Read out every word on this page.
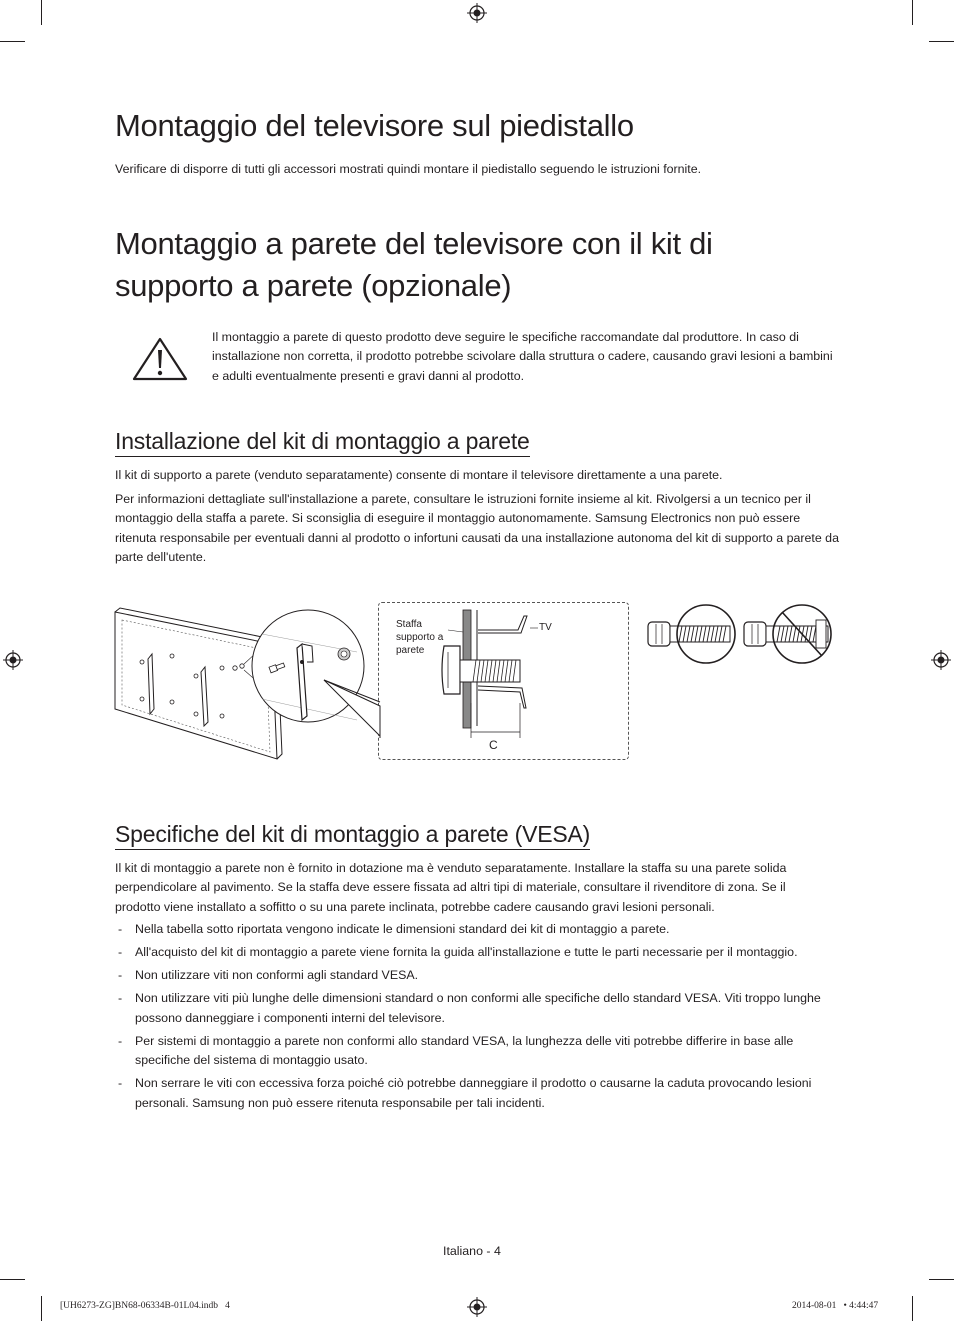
Montaggio del televisore sul piedistallo

Verificare di disporre di tutti gli accessori mostrati quindi montare il piedistallo seguendo le istruzioni fornite.

Montaggio a parete del televisore con il kit di
supporto a parete (opzionale)

Il montaggio a parete di questo prodotto deve seguire le specifiche raccomandate dal produttore. In caso di installazione non corretta, il prodotto potrebbe scivolare dalla struttura o cadere, causando gravi lesioni a bambini e adulti eventualmente presenti e gravi danni al prodotto.

Installazione del kit di montaggio a parete

Il kit di supporto a parete (venduto separatamente) consente di montare il televisore direttamente a una parete.

Per informazioni dettagliate sull'installazione a parete, consultare le istruzioni fornite insieme al kit. Rivolgersi a un tecnico per il montaggio della staffa a parete. Si sconsiglia di eseguire il montaggio autonomamente. Samsung Electronics non può essere ritenuta responsabile per eventuali danni al prodotto o infortuni causati da una installazione autonoma del kit di supporto a parete da parte dell'utente.

Staffa
supporto a
parete
TV
C
Specifiche del kit di montaggio a parete (VESA)

Il kit di montaggio a parete non è fornito in dotazione ma è venduto separatamente. Installare la staffa su una parete solida perpendicolare al pavimento. Se la staffa deve essere fissata ad altri tipi di materiale, consultare il rivenditore di zona. Se il prodotto viene installato a soffitto o su una parete inclinata, potrebbe cadere causando gravi lesioni personali.

- Nella tabella sotto riportata vengono indicate le dimensioni standard dei kit di montaggio a parete.
- All'acquisto del kit di montaggio a parete viene fornita la guida all'installazione e tutte le parti necessarie per il montaggio.
- Non utilizzare viti non conformi agli standard VESA.
- Non utilizzare viti più lunghe delle dimensioni standard o non conformi alle specifiche dello standard VESA. Viti troppo lunghe possono danneggiare i componenti interni del televisore.
- Per sistemi di montaggio a parete non conformi allo standard VESA, la lunghezza delle viti potrebbe differire in base alle specifiche del sistema di montaggio usato.
- Non serrare le viti con eccessiva forza poiché ciò potrebbe danneggiare il prodotto o causarne la caduta provocando lesioni personali. Samsung non può essere ritenuta responsabile per tali incidenti.
Italiano - 4
[UH6273-ZG]BN68-06334B-01L04.indb   4	2014-08-01   • 4:44:47
